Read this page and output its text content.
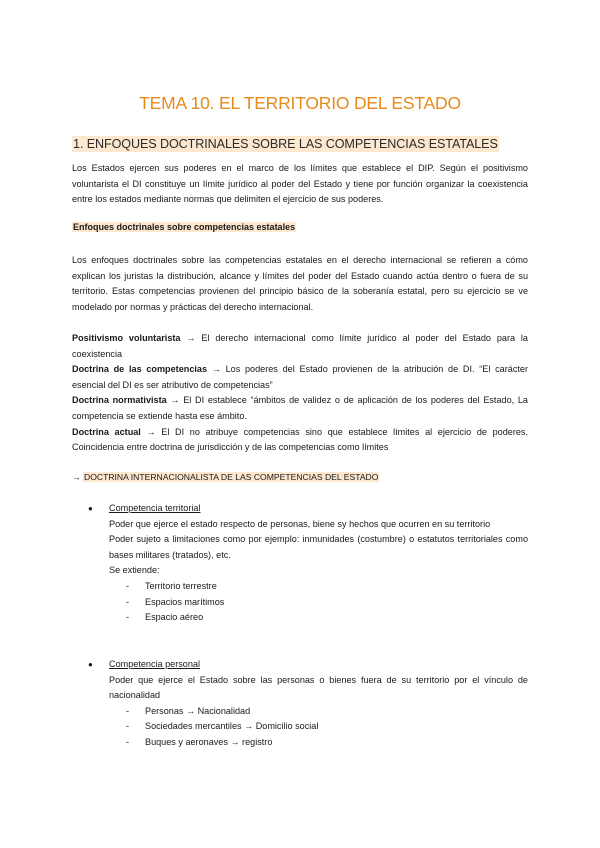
TEMA 10. EL TERRITORIO DEL ESTADO
1. ENFOQUES DOCTRINALES SOBRE LAS COMPETENCIAS ESTATALES

Los Estados ejercen sus poderes en el marco de los límites que establece el DIP. Según el positivismo voluntarista el DI constituye un límite jurídico al poder del Estado y tiene por función organizar la coexistencia entre los estados mediante normas que delimiten el ejercicio de sus poderes.

Enfoques doctrinales sobre competencias estatales

Los enfoques doctrinales sobre las competencias estatales en el derecho internacional se refieren a cómo explican los juristas la distribución, alcance y límites del poder del Estado cuando actúa dentro o fuera de su territorio. Estas competencias provienen del principio básico de la soberanía estatal, pero su ejercicio se ve modelado por normas y prácticas del derecho internacional.

Positivismo voluntarista → El derecho internacional como límite jurídico al poder del Estado para la coexistencia

Doctrina de las competencias → Los poderes del Estado provienen de la atribución de DI. “El carácter esencial del DI es ser atributivo de competencias”

Doctrina normativista → El DI establece “ámbitos de validez o de aplicación de los poderes del Estado, La competencia se extiende hasta ese ámbito.

Doctrina actual → El DI no atribuye competencias sino que establece límites al ejercicio de poderes. Coincidencia entre doctrina de jurisdicción y de las competencias como límites

→ DOCTRINA INTERNACIONALISTA DE LAS COMPETENCIAS DEL ESTADO
● Competencia territorial

Poder que ejerce el estado respecto de personas, biene sy hechos que ocurren en su territorio

Poder sujeto a limitaciones como por ejemplo: inmunidades (costumbre) o estatutos territoriales como bases militares (tratados), etc.

Se extiende:

- Territorio terrestre
- Espacios marítimos
- Espacio aéreo
● Competencia personal

Poder que ejerce el Estado sobre las personas o bienes fuera de su territorio por el vínculo de nacionalidad

- Personas → Nacionalidad
- Sociedades mercantiles → Domicilio social
- Buques y aeronaves → registro
